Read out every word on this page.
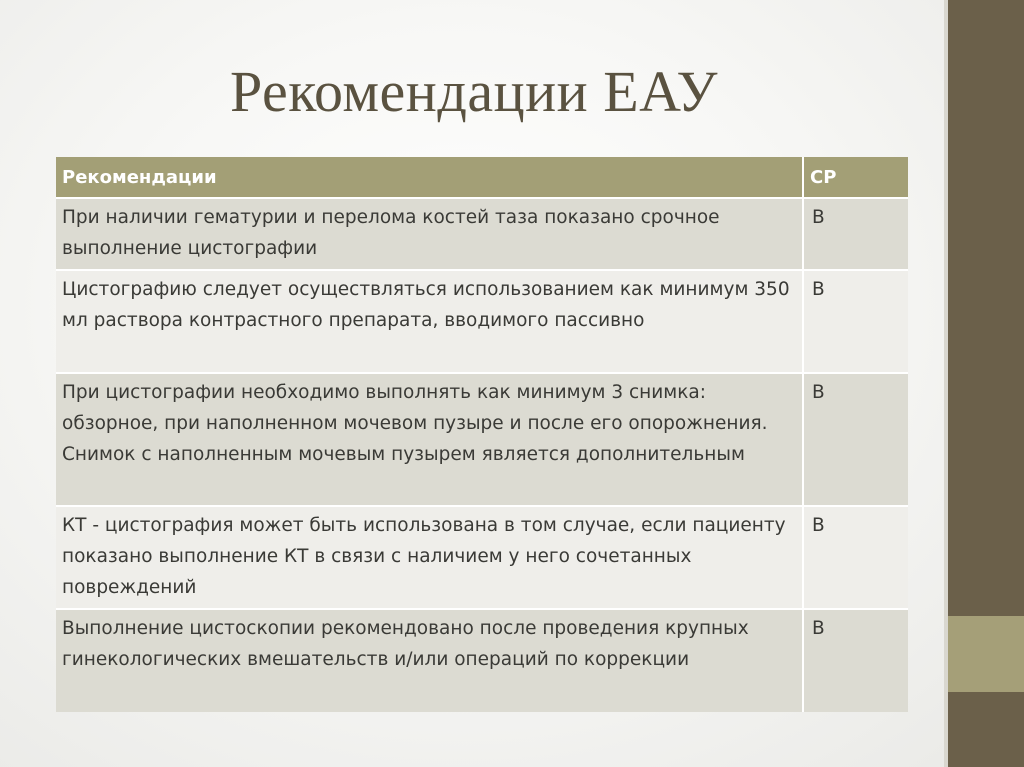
Рекомендации ЕАУ
Рекомендации	СР
При наличии гематурии и перелома костей таза показано срочное выполнение цистографии	B
Цистографию следует осуществляться использованием как минимум 350 мл раствора контрастного препарата, вводимого пассивно	B
При цистографии необходимо выполнять как минимум 3 снимка: обзорное, при наполненном мочевом пузыре и после его опорожнения. Снимок с наполненным мочевым пузырем является дополнительным	B
КТ - цистография может быть использована в том случае, если пациенту показано выполнение КТ в связи с наличием у него сочетанных повреждений	B
Выполнение цистоскопии рекомендовано после проведения крупных гинекологических вмешательств и/или операций по коррекции	B
